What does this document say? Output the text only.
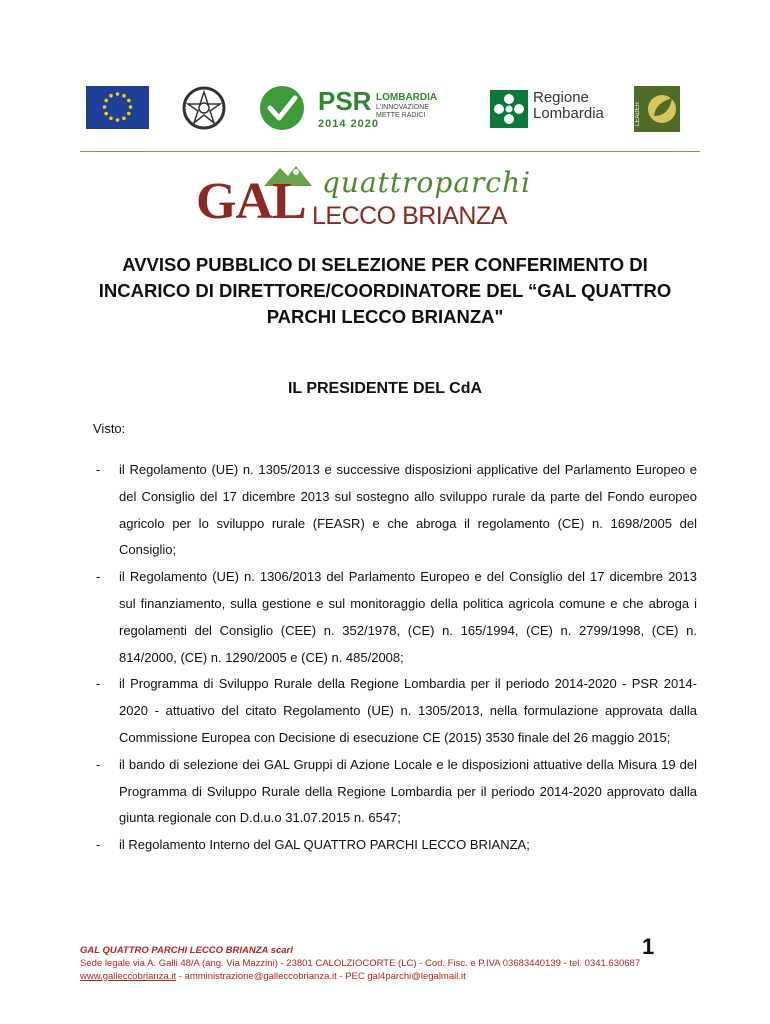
PSR
2014 2020
LOMBARDIA
L'INNOVAZIONE METTE RADICI
Regione
Lombardia	LEADER
GAL quattroparchi
LECCO BRIANZA
AVVISO PUBBLICO DI SELEZIONE PER CONFERIMENTO DI INCARICO DI DIRETTORE/COORDINATORE DEL “GAL QUATTRO PARCHI LECCO BRIANZA"
IL PRESIDENTE DEL CdA
Visto:
- il Regolamento (UE) n. 1305/2013 e successive disposizioni applicative del Parlamento Europeo e del Consiglio del 17 dicembre 2013 sul sostegno allo sviluppo rurale da parte del Fondo europeo agricolo per lo sviluppo rurale (FEASR) e che abroga il regolamento (CE) n. 1698/2005 del Consiglio;
- il Regolamento (UE) n. 1306/2013 del Parlamento Europeo e del Consiglio del 17 dicembre 2013 sul finanziamento, sulla gestione e sul monitoraggio della politica agricola comune e che abroga i regolamenti del Consiglio (CEE) n. 352/1978, (CE) n. 165/1994, (CE) n. 2799/1998, (CE) n. 814/2000, (CE) n. 1290/2005 e (CE) n. 485/2008;
- il Programma di Sviluppo Rurale della Regione Lombardia per il periodo 2014-2020 - PSR 2014-2020 - attuativo del citato Regolamento (UE) n. 1305/2013, nella formulazione approvata dalla Commissione Europea con Decisione di esecuzione CE (2015) 3530 finale del 26 maggio 2015;
- il bando di selezione dei GAL Gruppi di Azione Locale e le disposizioni attuative della Misura 19 del Programma di Sviluppo Rurale della Regione Lombardia per il periodo 2014-2020 approvato dalla giunta regionale con D.d.u.o 31.07.2015 n. 6547;
- il Regolamento Interno del GAL QUATTRO PARCHI LECCO BRIANZA;
1
GAL QUATTRO PARCHI LECCO BRIANZA scarl
Sede legale via A. Galli 48/A (ang. Via Mazzini) - 23801 CALOLZIOCORTE (LC) - Cod. Fisc. e P.IVA 03683440139 - tel. 0341.630687
www.galleccobrianza.it - amministrazione@galleccobrianza.it - PEC gal4parchi@legalmail.it
